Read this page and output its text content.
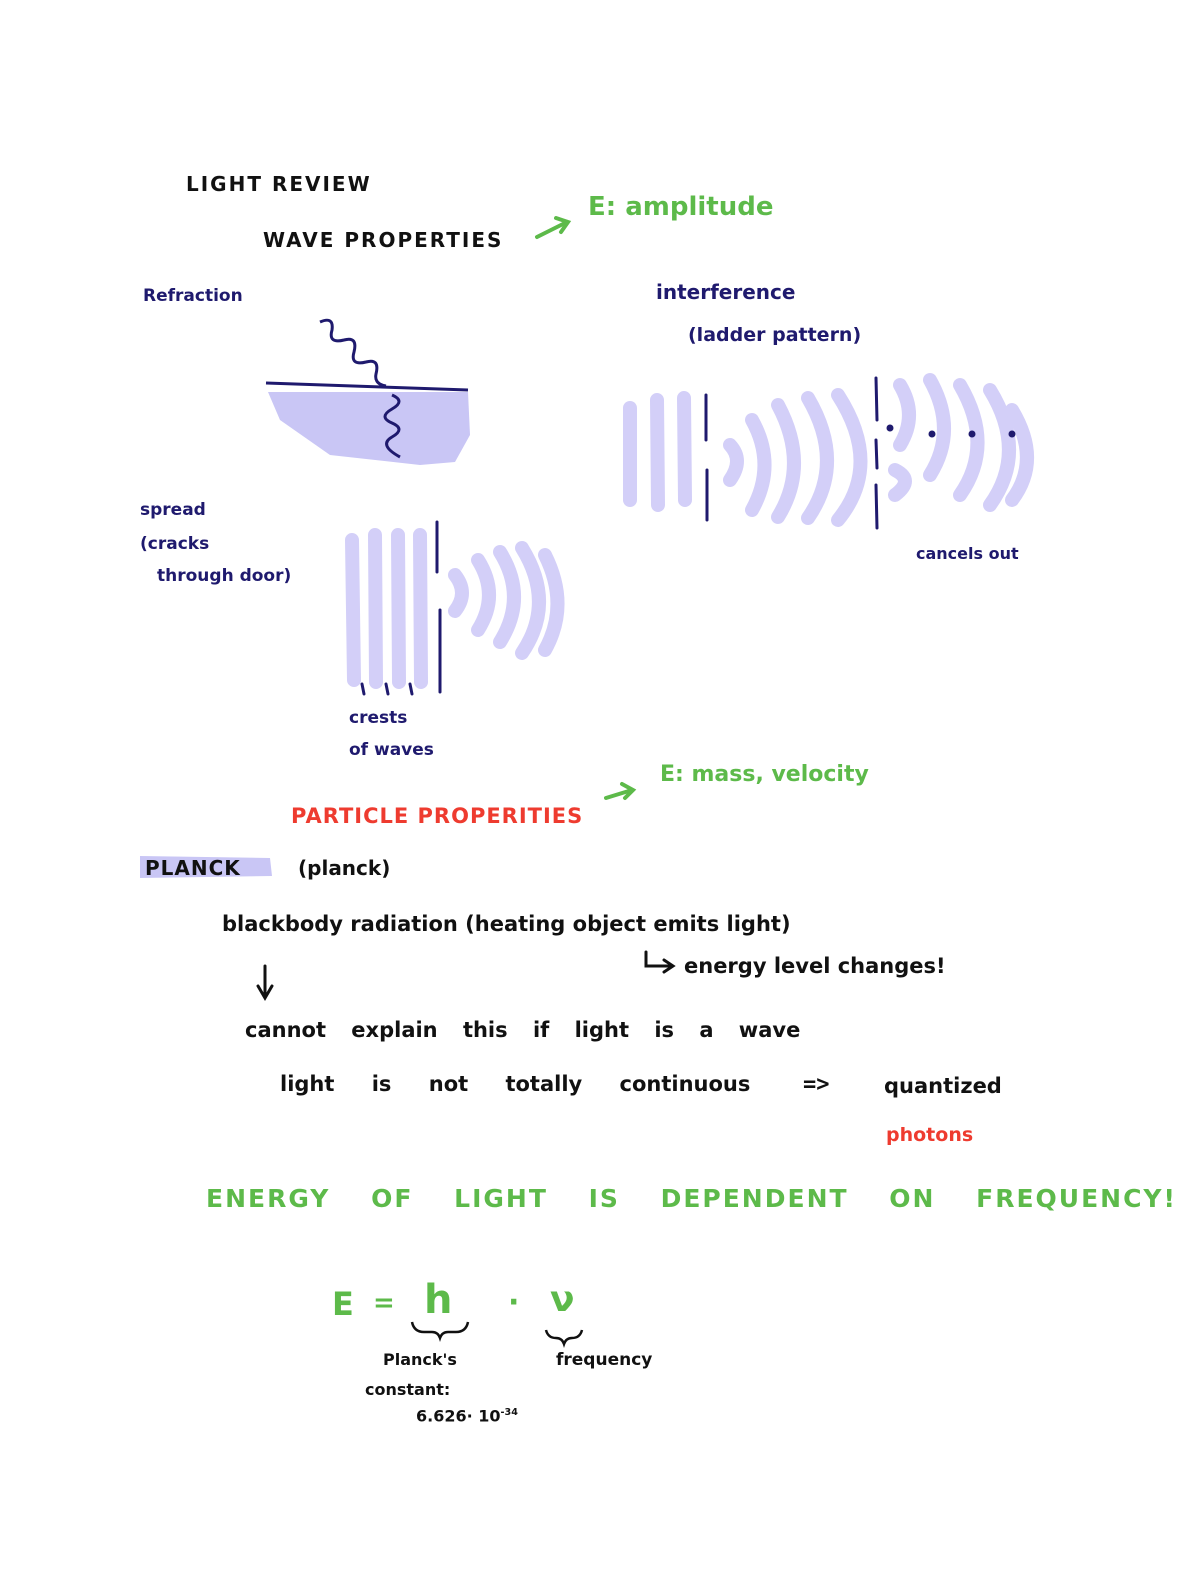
LIGHT REVIEW
WAVE PROPERTIES
E: amplitude
Refraction	interference
(ladder pattern)
cancels out
spread
(cracks
through door)
crests
of waves
E: mass, velocity
PARTICLE PROPERITIES
PLANCK	(planck)
blackbody radiation (heating object emits light)
energy level changes!
cannot explain this if light is a wave
light is not totally continuous =>	quantized
photons
ENERGY OF LIGHT IS DEPENDENT ON FREQUENCY!
E = h · ν
Planck's
constant:
$6.626\cdot 10^{-34}$
frequency
